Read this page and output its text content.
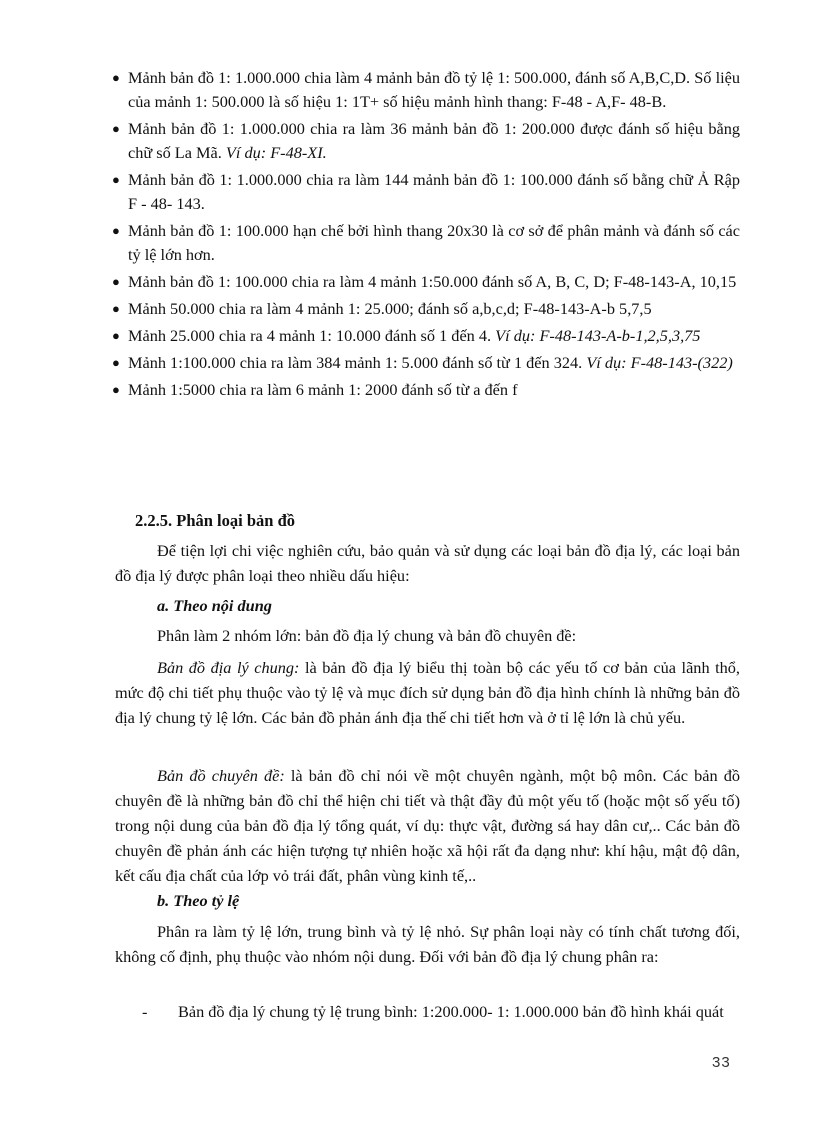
● Mảnh bản đồ 1: 1.000.000 chia làm 4 mảnh bản đồ tỷ lệ 1: 500.000, đánh số A,B,C,D. Số liệu của mảnh 1: 500.000 là số hiệu 1: 1T+ số hiệu mảnh hình thang: F-48 - A,F- 48-B.
● Mảnh bản đồ 1: 1.000.000 chia ra làm 36 mảnh bản đồ 1: 200.000 được đánh số hiệu bằng chữ số La Mã. Ví dụ: F-48-XI.
● Mảnh bản đồ 1: 1.000.000 chia ra làm 144 mảnh bản đồ 1: 100.000 đánh số bằng chữ Ả Rập F - 48- 143.
● Mảnh bản đồ 1: 100.000 hạn chế bởi hình thang 20x30 là cơ sở để phân mảnh và đánh số các tỷ lệ lớn hơn.
● Mảnh bản đồ 1: 100.000 chia ra làm 4 mảnh 1:50.000 đánh số A, B, C, D; F-48-143-A, 10,15
● Mảnh 50.000 chia ra làm 4 mảnh 1: 25.000; đánh số a,b,c,d; F-48-143-A-b 5,7,5
● Mảnh 25.000 chia ra 4 mảnh 1: 10.000 đánh số 1 đến 4. Ví dụ: F-48-143-A-b-1,2,5,3,75
● Mảnh 1:100.000 chia ra làm 384 mảnh 1: 5.000 đánh số từ 1 đến 324. Ví dụ: F-48-143-(322)
● Mảnh 1:5000 chia ra làm 6 mảnh 1: 2000 đánh số từ a đến f
2.2.5. Phân loại bản đồ

Để tiện lợi chi việc nghiên cứu, bảo quản và sử dụng các loại bản đồ địa lý, các loại bản đồ địa lý được phân loại theo nhiều dấu hiệu:

a. Theo nội dung

Phân làm 2 nhóm lớn: bản đồ địa lý chung và bản đồ chuyên đề:

Bản đồ địa lý chung: là bản đồ địa lý biểu thị toàn bộ các yếu tố cơ bản của lãnh thổ, mức độ chi tiết phụ thuộc vào tỷ lệ và mục đích sử dụng bản đồ địa hình chính là những bản đồ địa lý chung tỷ lệ lớn. Các bản đồ phản ánh địa thế chi tiết hơn và ở tỉ lệ lớn là chủ yếu.

Bản đồ chuyên đề: là bản đồ chỉ nói về một chuyên ngành, một bộ môn. Các bản đồ chuyên đề là những bản đồ chỉ thể hiện chi tiết và thật đầy đủ một yếu tố (hoặc một số yếu tố) trong nội dung của bản đồ địa lý tổng quát, ví dụ: thực vật, đường sá hay dân cư,.. Các bản đồ chuyên đề phản ánh các hiện tượng tự nhiên hoặc xã hội rất đa dạng như: khí hậu, mật độ dân, kết cấu địa chất của lớp vỏ trái đất, phân vùng kinh tế,..

b. Theo tỷ lệ

Phân ra làm tỷ lệ lớn, trung bình và tỷ lệ nhỏ. Sự phân loại này có tính chất tương đối, không cố định, phụ thuộc vào nhóm nội dung. Đối với bản đồ địa lý chung phân ra:

-	Bản đồ địa lý chung tỷ lệ trung bình: 1:200.000- 1: 1.000.000 bản đồ hình khái quát
33
